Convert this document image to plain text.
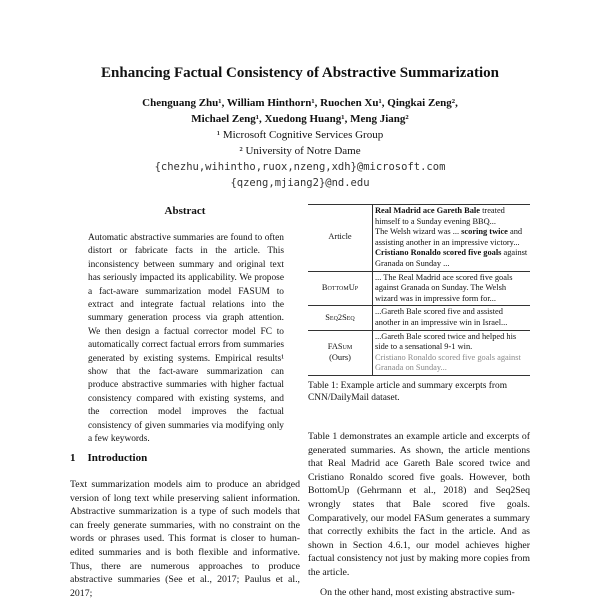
Enhancing Factual Consistency of Abstractive Summarization
Chenguang Zhu¹, William Hinthorn¹, Ruochen Xu¹, Qingkai Zeng²,
Michael Zeng¹, Xuedong Huang¹, Meng Jiang²
¹ Microsoft Cognitive Services Group
² University of Notre Dame
{chezhu,wihintho,ruox,nzeng,xdh}@microsoft.com
{qzeng,mjiang2}@nd.edu
Abstract

Automatic abstractive summaries are found to often distort or fabricate facts in the article. This inconsistency between summary and original text has seriously impacted its applicability. We propose a fact-aware summarization model FASUM to extract and integrate factual relations into the summary generation process via graph attention. We then design a factual corrector model FC to automatically correct factual errors from summaries generated by existing systems. Empirical results¹ show that the fact-aware summarization can produce abstractive summaries with higher factual consistency compared with existing systems, and the correction model improves the factual consistency of given summaries via modifying only a few keywords.

1 Introduction

Text summarization models aim to produce an abridged version of long text while preserving salient information. Abstractive summarization is a type of such models that can freely generate summaries, with no constraint on the words or phrases used. This format is closer to human-edited summaries and is both flexible and informative. Thus, there are numerous approaches to produce abstractive summaries (See et al., 2017; Paulus et al., 2017;

Article	Real Madrid ace Gareth Bale treated himself to a Sunday evening BBQ...
The Welsh wizard was ... scoring twice and assisting another in an impressive victory...
Cristiano Ronaldo scored five goals against Granada on Sunday ...
BottomUp	... The Real Madrid ace scored five goals against Granada on Sunday. The Welsh wizard was in impressive form for...
Seq2Seq	...Gareth Bale scored five and assisted another in an impressive win in Israel...
FASum
(Ours)	...Gareth Bale scored twice and helped his side to a sensational 9-1 win.
Cristiano Ronaldo scored five goals against Granada on Sunday...

Table 1: Example article and summary excerpts from CNN/DailyMail dataset.

Table 1 demonstrates an example article and excerpts of generated summaries. As shown, the article mentions that Real Madrid ace Gareth Bale scored twice and Cristiano Ronaldo scored five goals. However, both BottomUp (Gehrmann et al., 2018) and Seq2Seq wrongly states that Bale scored five goals. Comparatively, our model FASum generates a summary that correctly exhibits the fact in the article. And as shown in Section 4.6.1, our model achieves higher factual consistency not just by making more copies from the article.

On the other hand, most existing abstractive sum-
